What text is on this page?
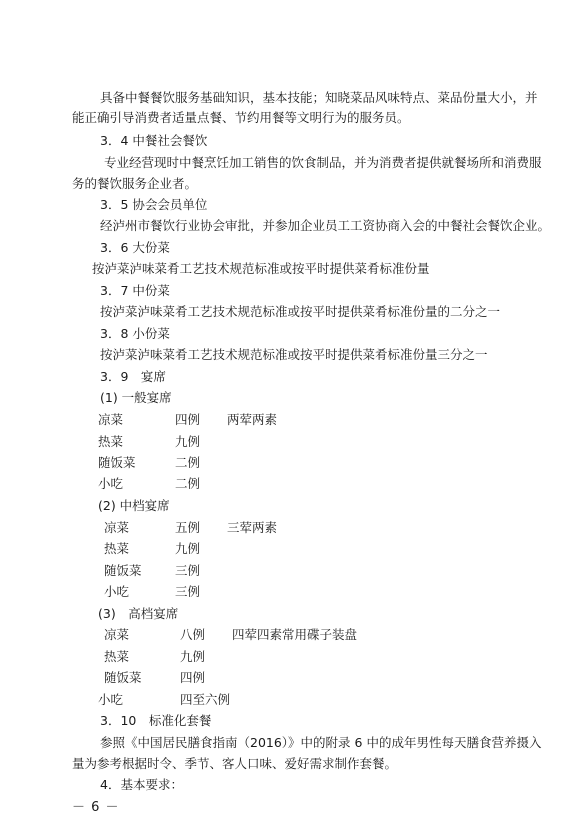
具备中餐餐饮服务基础知识，基本技能；知晓菜品风味特点、菜品份量大小，并
能正确引导消费者适量点餐、节约用餐等文明行为的服务员。
3．4 中餐社会餐饮
专业经营现时中餐烹饪加工销售的饮食制品，并为消费者提供就餐场所和消费服
务的餐饮服务企业者。
3．5 协会会员单位
经泸州市餐饮行业协会审批，并参加企业员工工资协商入会的中餐社会餐饮企业。
3．6 大份菜
按泸菜泸味菜肴工艺技术规范标准或按平时提供菜肴标准份量
3．7 中份菜
按泸菜泸味菜肴工艺技术规范标准或按平时提供菜肴标准份量的二分之一
3．8 小份菜
按泸菜泸味菜肴工艺技术规范标准或按平时提供菜肴标准份量三分之一
3．9　宴席
(1) 一般宴席
凉菜	四例 两荤两素
热菜	九例
随饭菜	二例
小吃	二例
(2) 中档宴席
凉菜	五例 三荤两素
热菜	九例
随饭菜	三例
小吃	三例
(3)　高档宴席
凉菜	八例 四荤四素常用碟子装盘
热菜	九例
随饭菜	四例
小吃	四至六例
3．10　标准化套餐
参照《中国居民膳食指南（2016）》中的附录 6 中的成年男性每天膳食营养摄入
量为参考根据时令、季节、客人口味、爱好需求制作套餐。
4．基本要求：
－ 6 －
